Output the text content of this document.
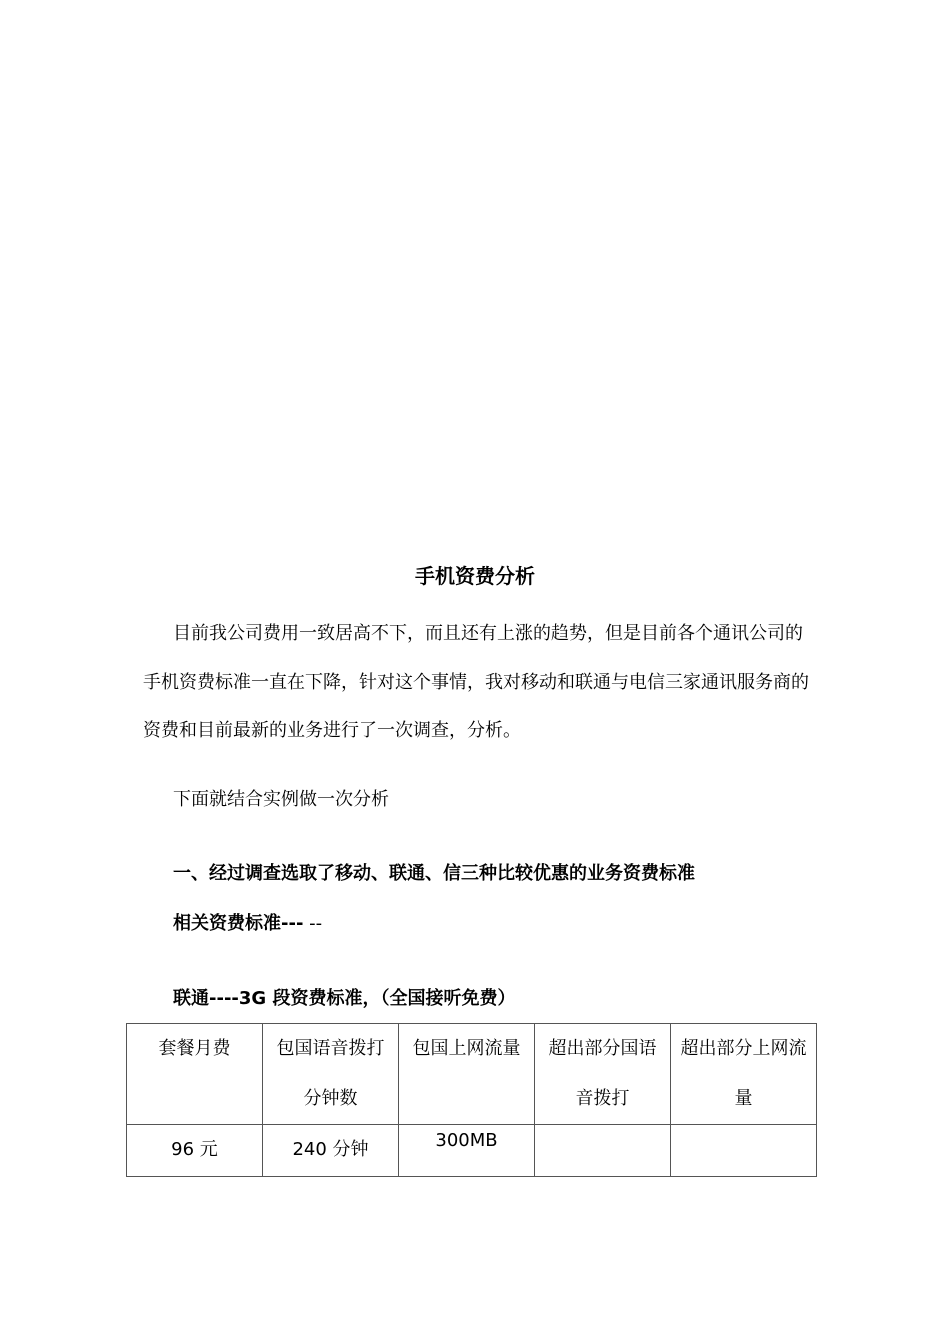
手机资费分析
目前我公司费用一致居高不下，而且还有上涨的趋势，但是目前各个通讯公司的手机资费标准一直在下降，针对这个事情，我对移动和联通与电信三家通讯服务商的资费和目前最新的业务进行了一次调查，分析。
下面就结合实例做一次分析
一、经过调查选取了移动、联通、信三种比较优惠的业务资费标准
相关资费标准--- --
联通----3G 段资费标准，（全国接听免费）
套餐月费	包国语音拨打分钟数	包国上网流量	超出部分国语音拨打	超出部分上网流量
96 元	240 分钟	300MB		
